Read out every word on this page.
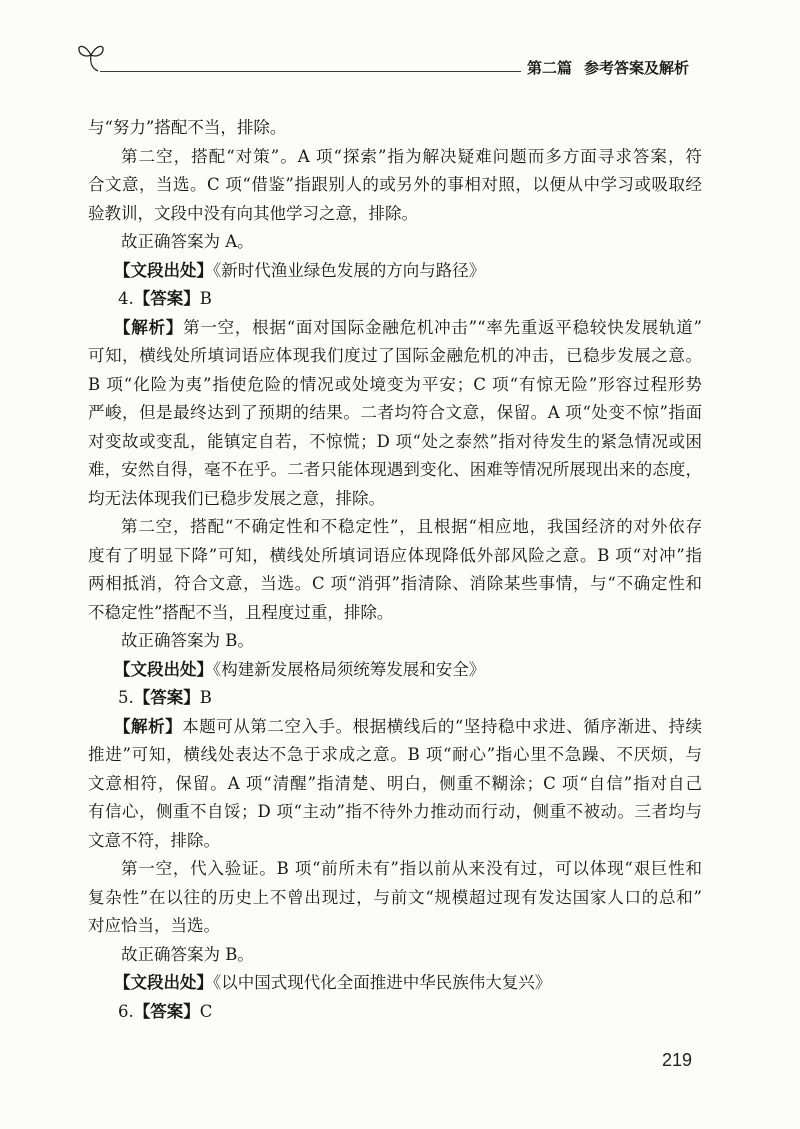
第二篇 参考答案及解析
与“努力”搭配不当，排除。
第二空，搭配“对策”。A 项“探索”指为解决疑难问题而多方面寻求答案，符
合文意，当选。C 项“借鉴”指跟别人的或另外的事相对照，以便从中学习或吸取经
验教训，文段中没有向其他学习之意，排除。
故正确答案为 A。
【文段出处】《新时代渔业绿色发展的方向与路径》
4.【答案】B
【解析】第一空，根据“面对国际金融危机冲击”“率先重返平稳较快发展轨道”
可知，横线处所填词语应体现我们度过了国际金融危机的冲击，已稳步发展之意。
B 项“化险为夷”指使危险的情况或处境变为平安；C 项“有惊无险”形容过程形势
严峻，但是最终达到了预期的结果。二者均符合文意，保留。A 项“处变不惊”指面
对变故或变乱，能镇定自若，不惊慌；D 项“处之泰然”指对待发生的紧急情况或困
难，安然自得，毫不在乎。二者只能体现遇到变化、困难等情况所展现出来的态度，
均无法体现我们已稳步发展之意，排除。
第二空，搭配“不确定性和不稳定性”，且根据“相应地，我国经济的对外依存
度有了明显下降”可知，横线处所填词语应体现降低外部风险之意。B 项“对冲”指
两相抵消，符合文意，当选。C 项“消弭”指清除、消除某些事情，与“不确定性和
不稳定性”搭配不当，且程度过重，排除。
故正确答案为 B。
【文段出处】《构建新发展格局须统筹发展和安全》
5.【答案】B
【解析】本题可从第二空入手。根据横线后的“坚持稳中求进、循序渐进、持续
推进”可知，横线处表达不急于求成之意。B 项“耐心”指心里不急躁、不厌烦，与
文意相符，保留。A 项“清醒”指清楚、明白，侧重不糊涂；C 项“自信”指对自己
有信心，侧重不自馁；D 项“主动”指不待外力推动而行动，侧重不被动。三者均与
文意不符，排除。
第一空，代入验证。B 项“前所未有”指以前从来没有过，可以体现“艰巨性和
复杂性”在以往的历史上不曾出现过，与前文“规模超过现有发达国家人口的总和”
对应恰当，当选。
故正确答案为 B。
【文段出处】《以中国式现代化全面推进中华民族伟大复兴》
6.【答案】C
219
